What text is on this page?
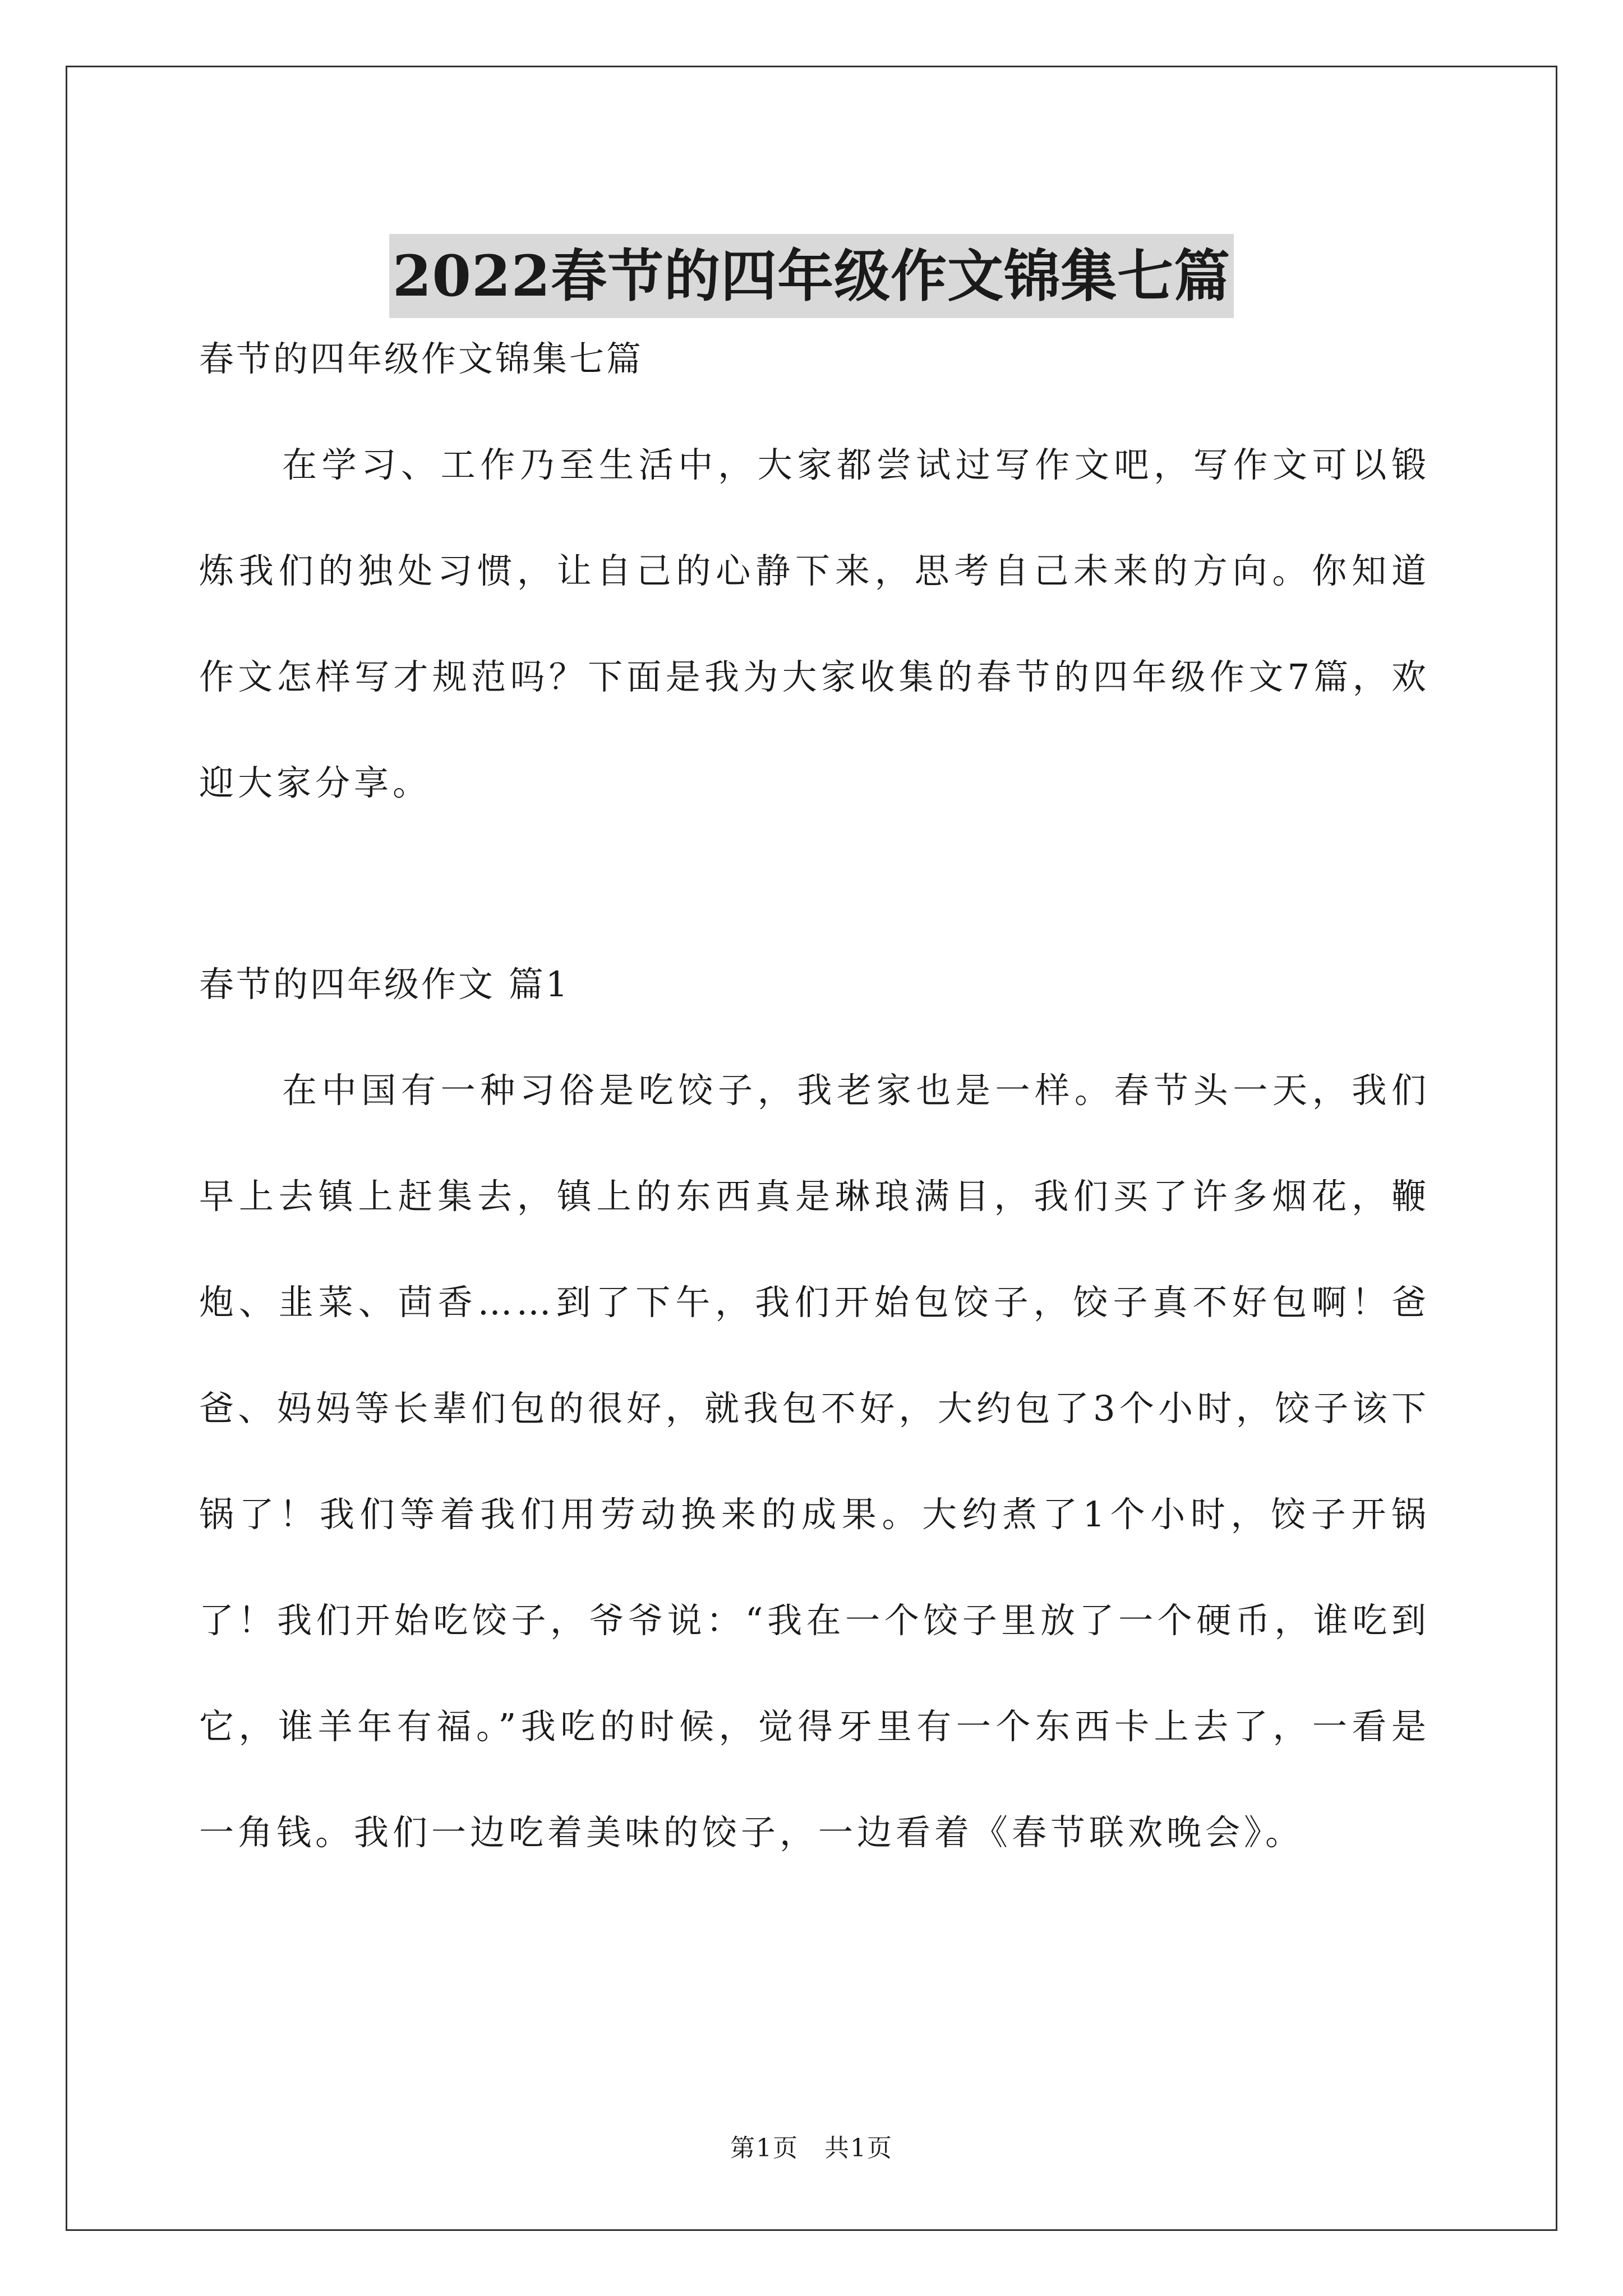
2022春节的四年级作文锦集七篇

春节的四年级作文锦集七篇

在学习、工作乃至生活中，大家都尝试过写作文吧，写作文可以锻炼我们的独处习惯，让自己的心静下来，思考自己未来的方向。你知道作文怎样写才规范吗？下面是我为大家收集的春节的四年级作文7篇，欢迎大家分享。

春节的四年级作文 篇1

在中国有一种习俗是吃饺子，我老家也是一样。春节头一天，我们早上去镇上赶集去，镇上的东西真是琳琅满目，我们买了许多烟花，鞭炮、韭菜、茴香……到了下午，我们开始包饺子，饺子真不好包啊！爸爸、妈妈等长辈们包的很好，就我包不好，大约包了3个小时，饺子该下锅了！我们等着我们用劳动换来的成果。大约煮了1个小时，饺子开锅了！我们开始吃饺子，爷爷说：“我在一个饺子里放了一个硬币，谁吃到它，谁羊年有福。”我吃的时候，觉得牙里有一个东西卡上去了，一看是一角钱。我们一边吃着美味的饺子，一边看着《春节联欢晚会》。

第1页 共1页
